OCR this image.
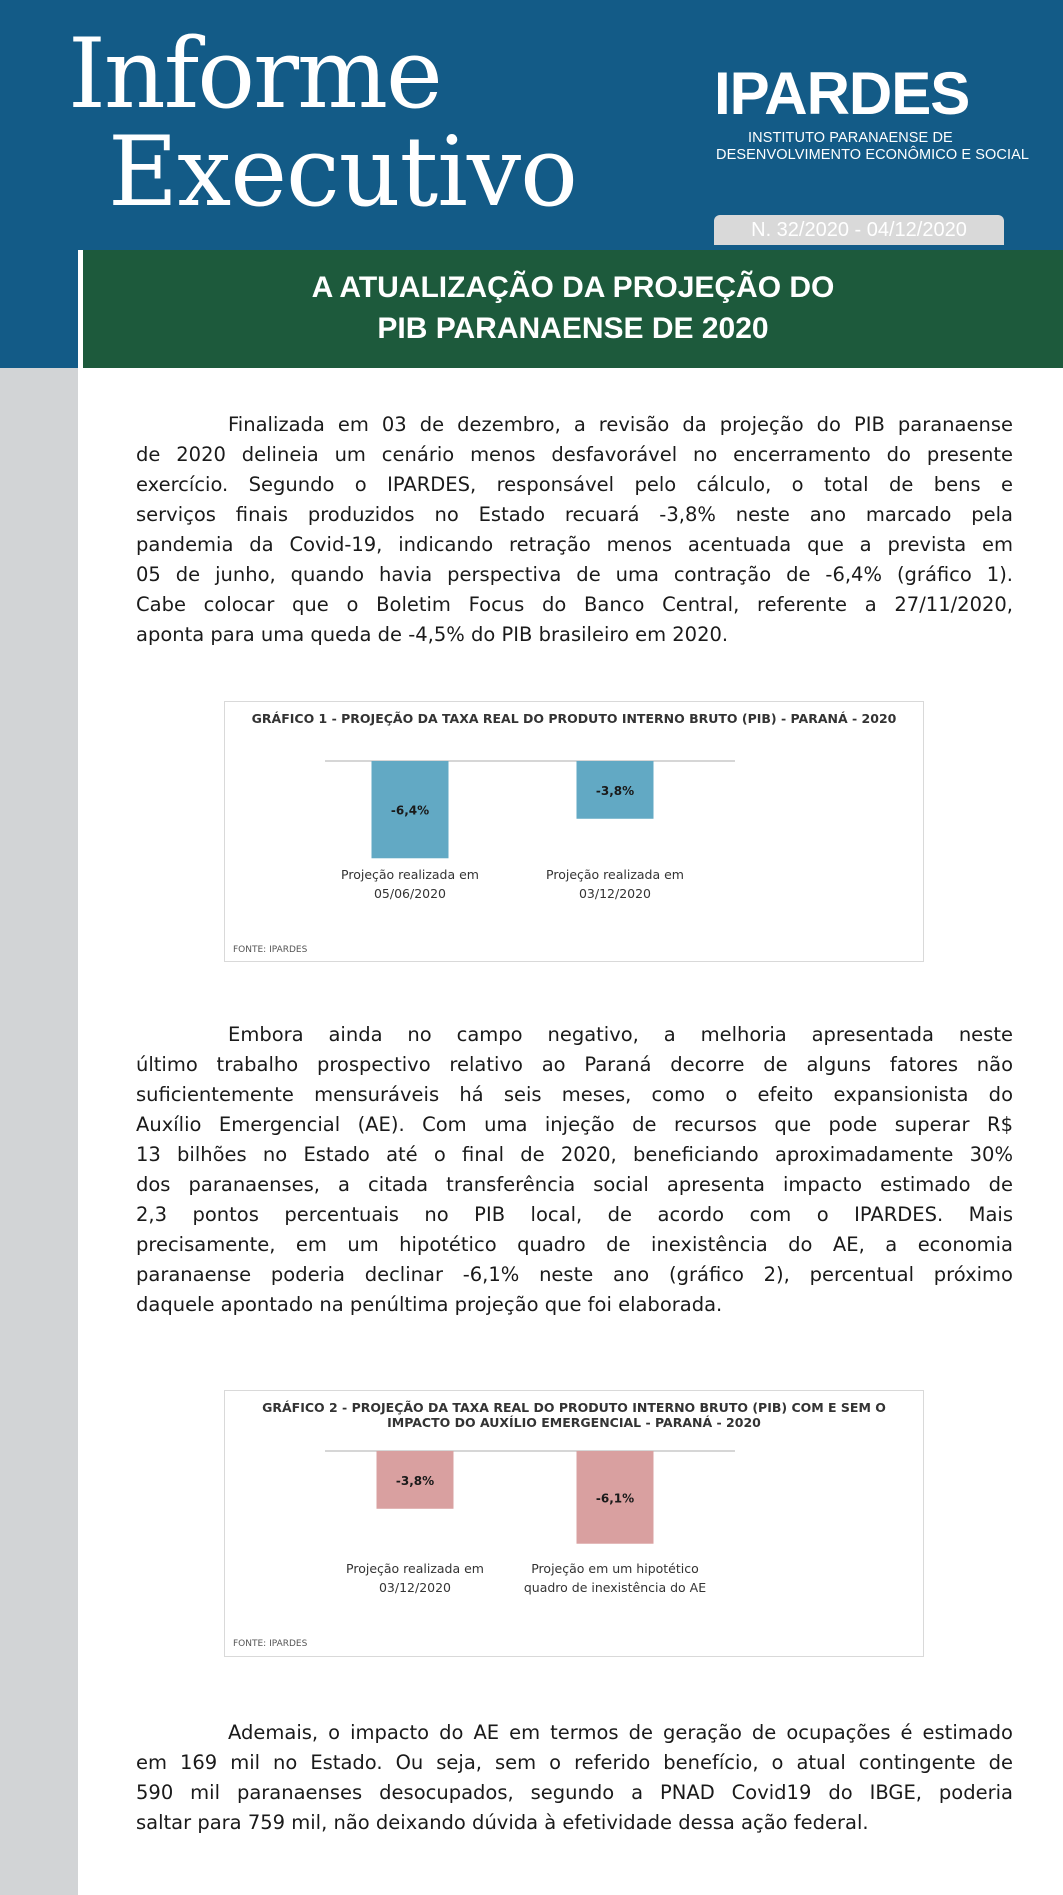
Informe
Executivo
IPARDES
INSTITUTO PARANAENSE DE
DESENVOLVIMENTO ECONÔMICO E SOCIAL
N. 32/2020 - 04/12/2020
A ATUALIZAÇÃO DA PROJEÇÃO DO
PIB PARANAENSE DE 2020
Finalizada em 03 de dezembro, a revisão da projeção do PIB paranaense
de 2020 delineia um cenário menos desfavorável no encerramento do presente
exercício. Segundo o IPARDES, responsável pelo cálculo, o total de bens e
serviços finais produzidos no Estado recuará -3,8% neste ano marcado pela
pandemia da Covid-19, indicando retração menos acentuada que a prevista em
05 de junho, quando havia perspectiva de uma contração de -6,4% (gráfico 1).
Cabe colocar que o Boletim Focus do Banco Central, referente a 27/11/2020,
aponta para uma queda de -4,5% do PIB brasileiro em 2020.
GRÁFICO 1 - PROJEÇÃO DA TAXA REAL DO PRODUTO INTERNO BRUTO (PIB) - PARANÁ - 2020
-6,4%
Projeção realizada em
05/06/2020
-3,8%
Projeção realizada em
03/12/2020
FONTE: IPARDES
Embora ainda no campo negativo, a melhoria apresentada neste
último trabalho prospectivo relativo ao Paraná decorre de alguns fatores não
suficientemente mensuráveis há seis meses, como o efeito expansionista do
Auxílio Emergencial (AE). Com uma injeção de recursos que pode superar R$
13 bilhões no Estado até o final de 2020, beneficiando aproximadamente 30%
dos paranaenses, a citada transferência social apresenta impacto estimado de
2,3 pontos percentuais no PIB local, de acordo com o IPARDES. Mais
precisamente, em um hipotético quadro de inexistência do AE, a economia
paranaense poderia declinar -6,1% neste ano (gráfico 2), percentual próximo
daquele apontado na penúltima projeção que foi elaborada.
GRÁFICO 2 - PROJEÇÃO DA TAXA REAL DO PRODUTO INTERNO BRUTO (PIB) COM E SEM O
IMPACTO DO AUXÍLIO EMERGENCIAL - PARANÁ - 2020
-3,8%
Projeção realizada em
03/12/2020
-6,1%
Projeção em um hipotético
quadro de inexistência do AE
FONTE: IPARDES
Ademais, o impacto do AE em termos de geração de ocupações é estimado
em 169 mil no Estado. Ou seja, sem o referido benefício, o atual contingente de
590 mil paranaenses desocupados, segundo a PNAD Covid19 do IBGE, poderia
saltar para 759 mil, não deixando dúvida à efetividade dessa ação federal.
